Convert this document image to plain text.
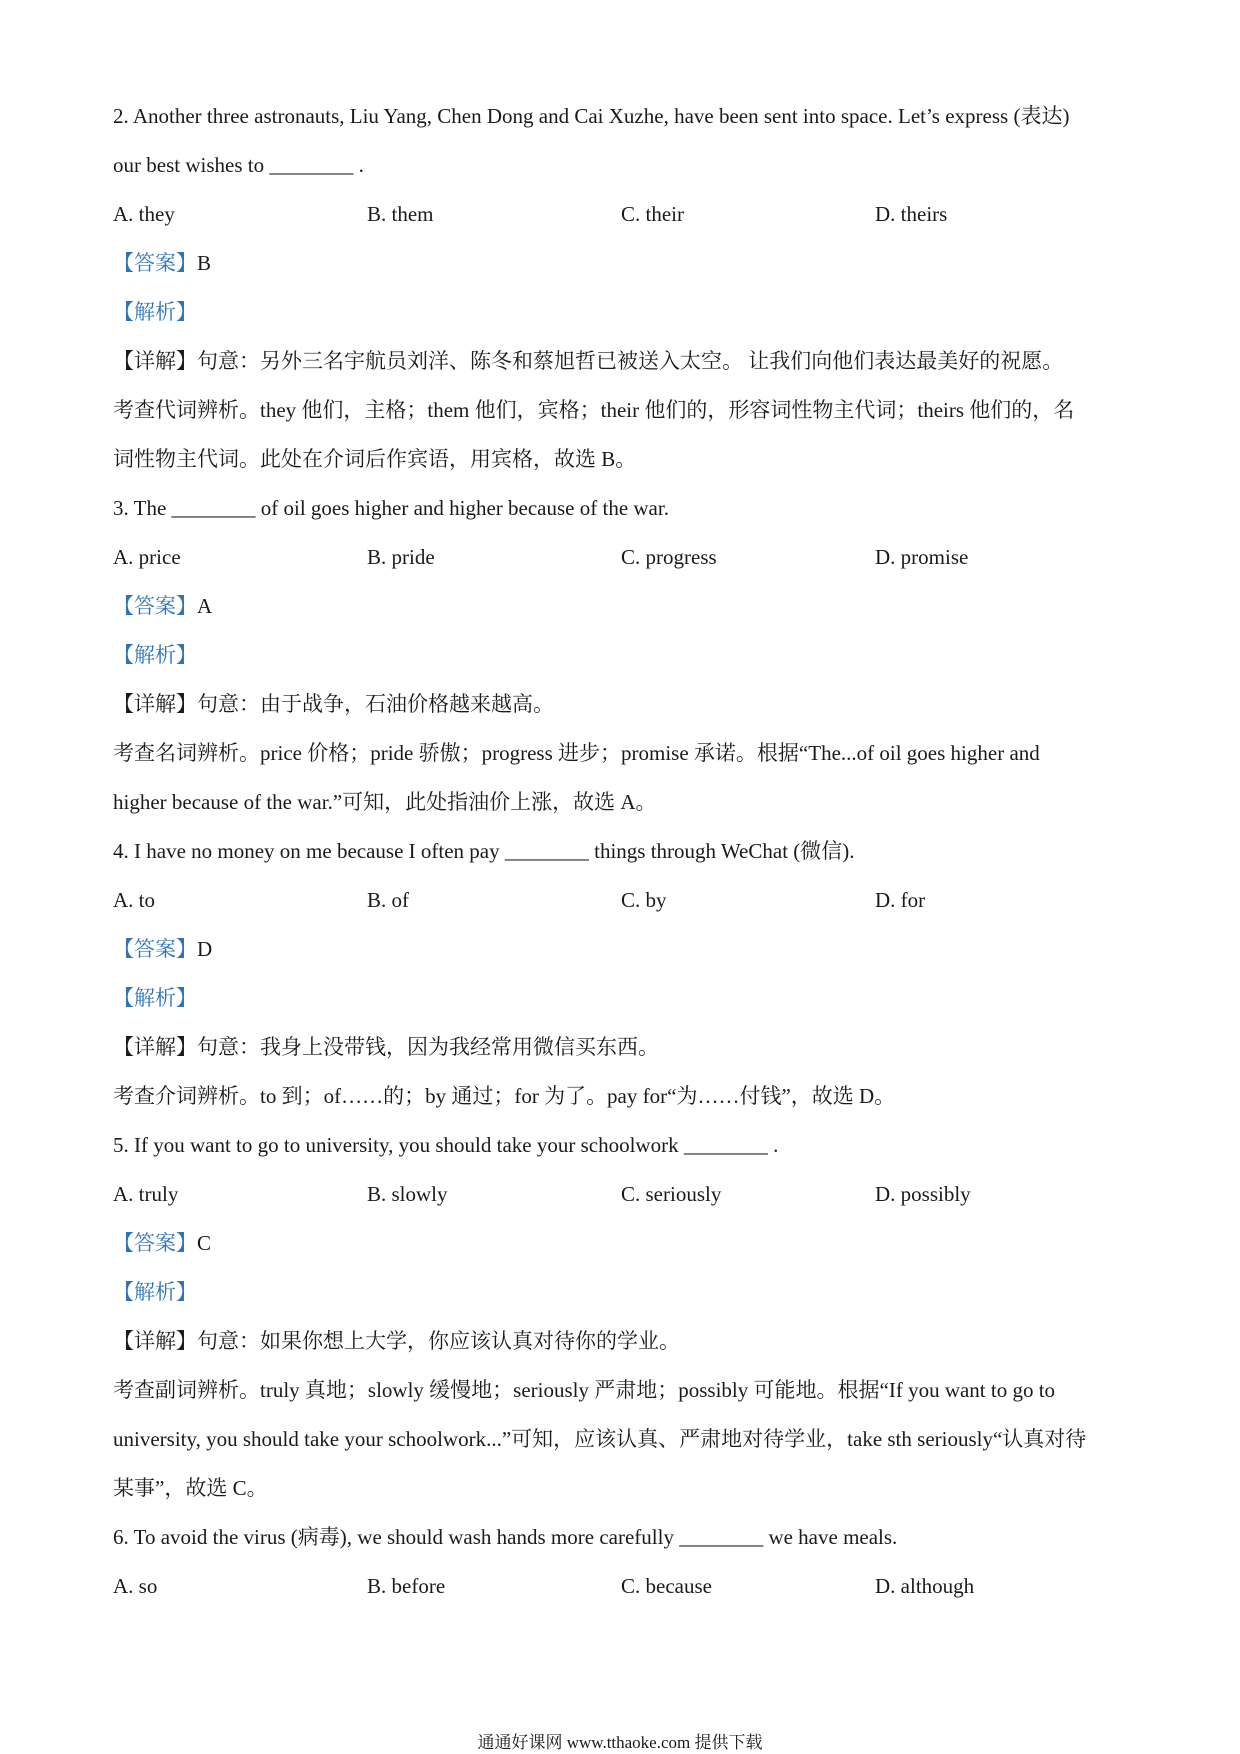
2. Another three astronauts, Liu Yang, Chen Dong and Cai Xuzhe, have been sent into space. Let’s express (表达)
our best wishes to ________ .
A. they	B. them	C. their	D. theirs
【答案】B
【解析】
【详解】句意：另外三名宇航员刘洋、陈冬和蔡旭哲已被送入太空。 让我们向他们表达最美好的祝愿。
考查代词辨析。they 他们，主格；them 他们，宾格；their 他们的，形容词性物主代词；theirs 他们的，名
词性物主代词。此处在介词后作宾语，用宾格，故选 B。
3. The ________ of oil goes higher and higher because of the war.
A. price	B. pride	C. progress	D. promise
【答案】A
【解析】
【详解】句意：由于战争，石油价格越来越高。
考查名词辨析。price 价格；pride 骄傲；progress 进步；promise 承诺。根据“The...of oil goes higher and
higher because of the war.”可知，此处指油价上涨，故选 A。
4. I have no money on me because I often pay ________ things through WeChat (微信).
A. to	B. of	C. by	D. for
【答案】D
【解析】
【详解】句意：我身上没带钱，因为我经常用微信买东西。
考查介词辨析。to 到；of……的；by 通过；for 为了。pay for“为……付钱”，故选 D。
5. If you want to go to university, you should take your schoolwork ________ .
A. truly	B. slowly	C. seriously	D. possibly
【答案】C
【解析】
【详解】句意：如果你想上大学，你应该认真对待你的学业。
考查副词辨析。truly 真地；slowly 缓慢地；seriously 严肃地；possibly 可能地。根据“If you want to go to
university, you should take your schoolwork...”可知，应该认真、严肃地对待学业，take sth seriously“认真对待
某事”，故选 C。
6. To avoid the virus (病毒), we should wash hands more carefully ________ we have meals.
A. so	B. before	C. because	D. although
通通好课网 www.tthaoke.com 提供下载
